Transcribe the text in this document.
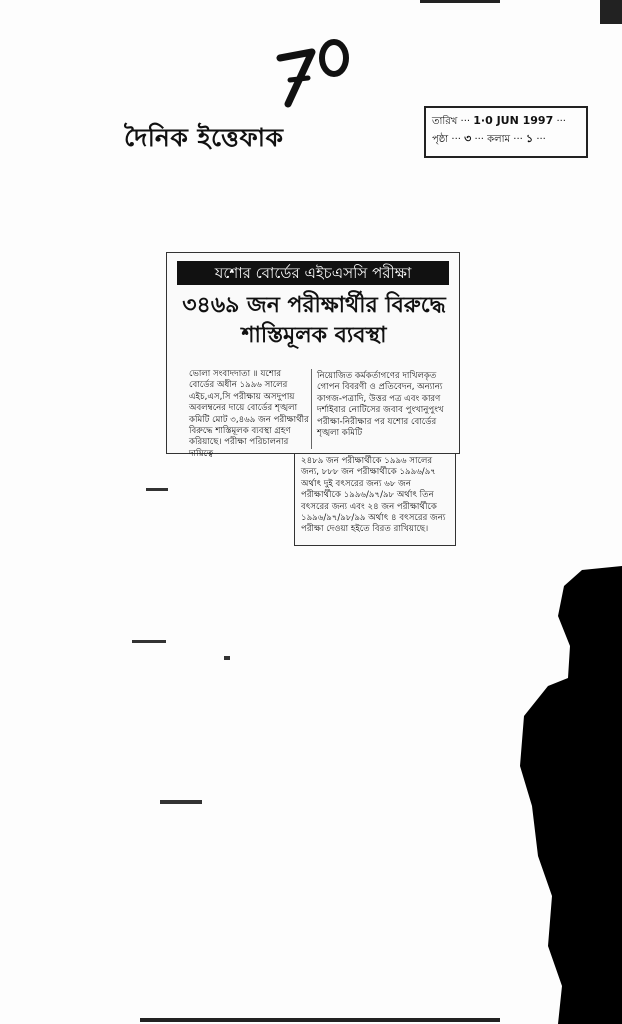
দৈনিক ইত্তেফাক
তারিখ ··· 1·0 JUN 1997 ···
পৃষ্ঠা ··· ৩ ··· কলাম ··· ১ ···
যশোর বোর্ডের এইচএসসি পরীক্ষা
৩৪৬৯ জন পরীক্ষার্থীর বিরুদ্ধে
শাস্তিমূলক ব্যবস্থা
ভোলা সংবাদদাতা ॥ যশোর বোর্ডের অধীন ১৯৯৬ সালের এইচ,এস,সি পরীক্ষায় অসদুপায় অবলম্বনের দায়ে বোর্ডের শৃঙ্খলা কমিটি মোট ৩,৪৬৯ জন পরীক্ষার্থীর বিরুদ্ধে শাস্তিমূলক ব্যবস্থা গ্রহণ করিয়াছে। পরীক্ষা পরিচালনার দায়িত্বে
নিয়োজিত কর্মকর্তাগণের দাখিলকৃত গোপন বিবরণী ও প্রতিবেদন, অন্যান্য কাগজ-পত্রাদি, উত্তর পত্র এবং কারণ দর্শাইবার নোটিসের জবাব পুংখানুপুংখ পরীক্ষা-নিরীক্ষার পর যশোর বোর্ডের শৃঙ্খলা কমিটি
২৪৮৯ জন পরীক্ষার্থীকে ১৯৯৬ সালের জন্য, ৮৮৮ জন পরীক্ষার্থীকে ১৯৯৬/৯৭ অর্থাৎ দুই বৎসরের জন্য ৬৮ জন পরীক্ষার্থীকে ১৯৯৬/৯৭/৯৮ অর্থাৎ তিন বৎসরের জন্য এবং ২৪ জন পরীক্ষার্থীকে ১৯৯৬/৯৭/৯৮/৯৯ অর্থাৎ ৪ বৎসরের জন্য পরীক্ষা দেওয়া হইতে বিরত রাখিয়াছে।
